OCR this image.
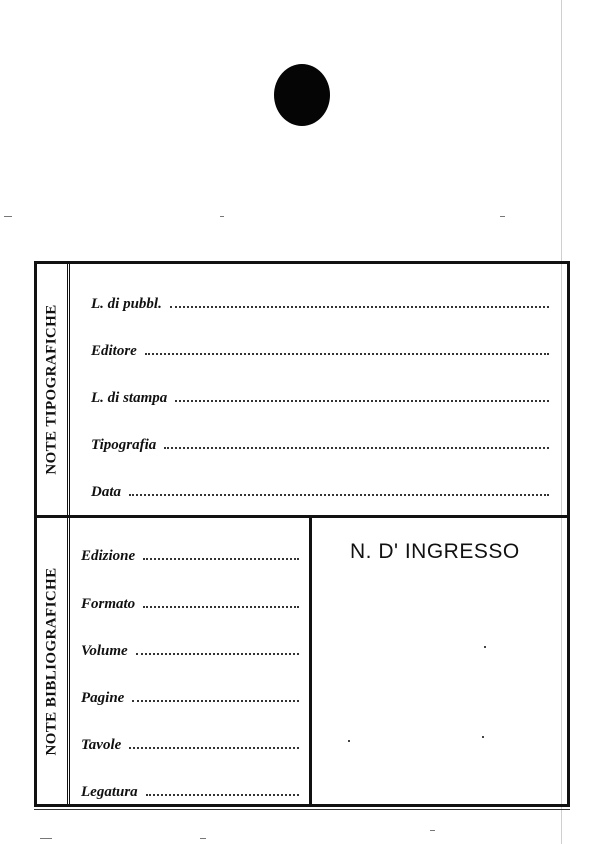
NOTE TIPOGRAFICHE
L. di pubbl.
Editore
L. di stampa
Tipografia
Data
NOTE BIBLIOGRAFICHE
Edizione
Formato
Volume
Pagine
Tavole
Legatura
N. D' INGRESSO
